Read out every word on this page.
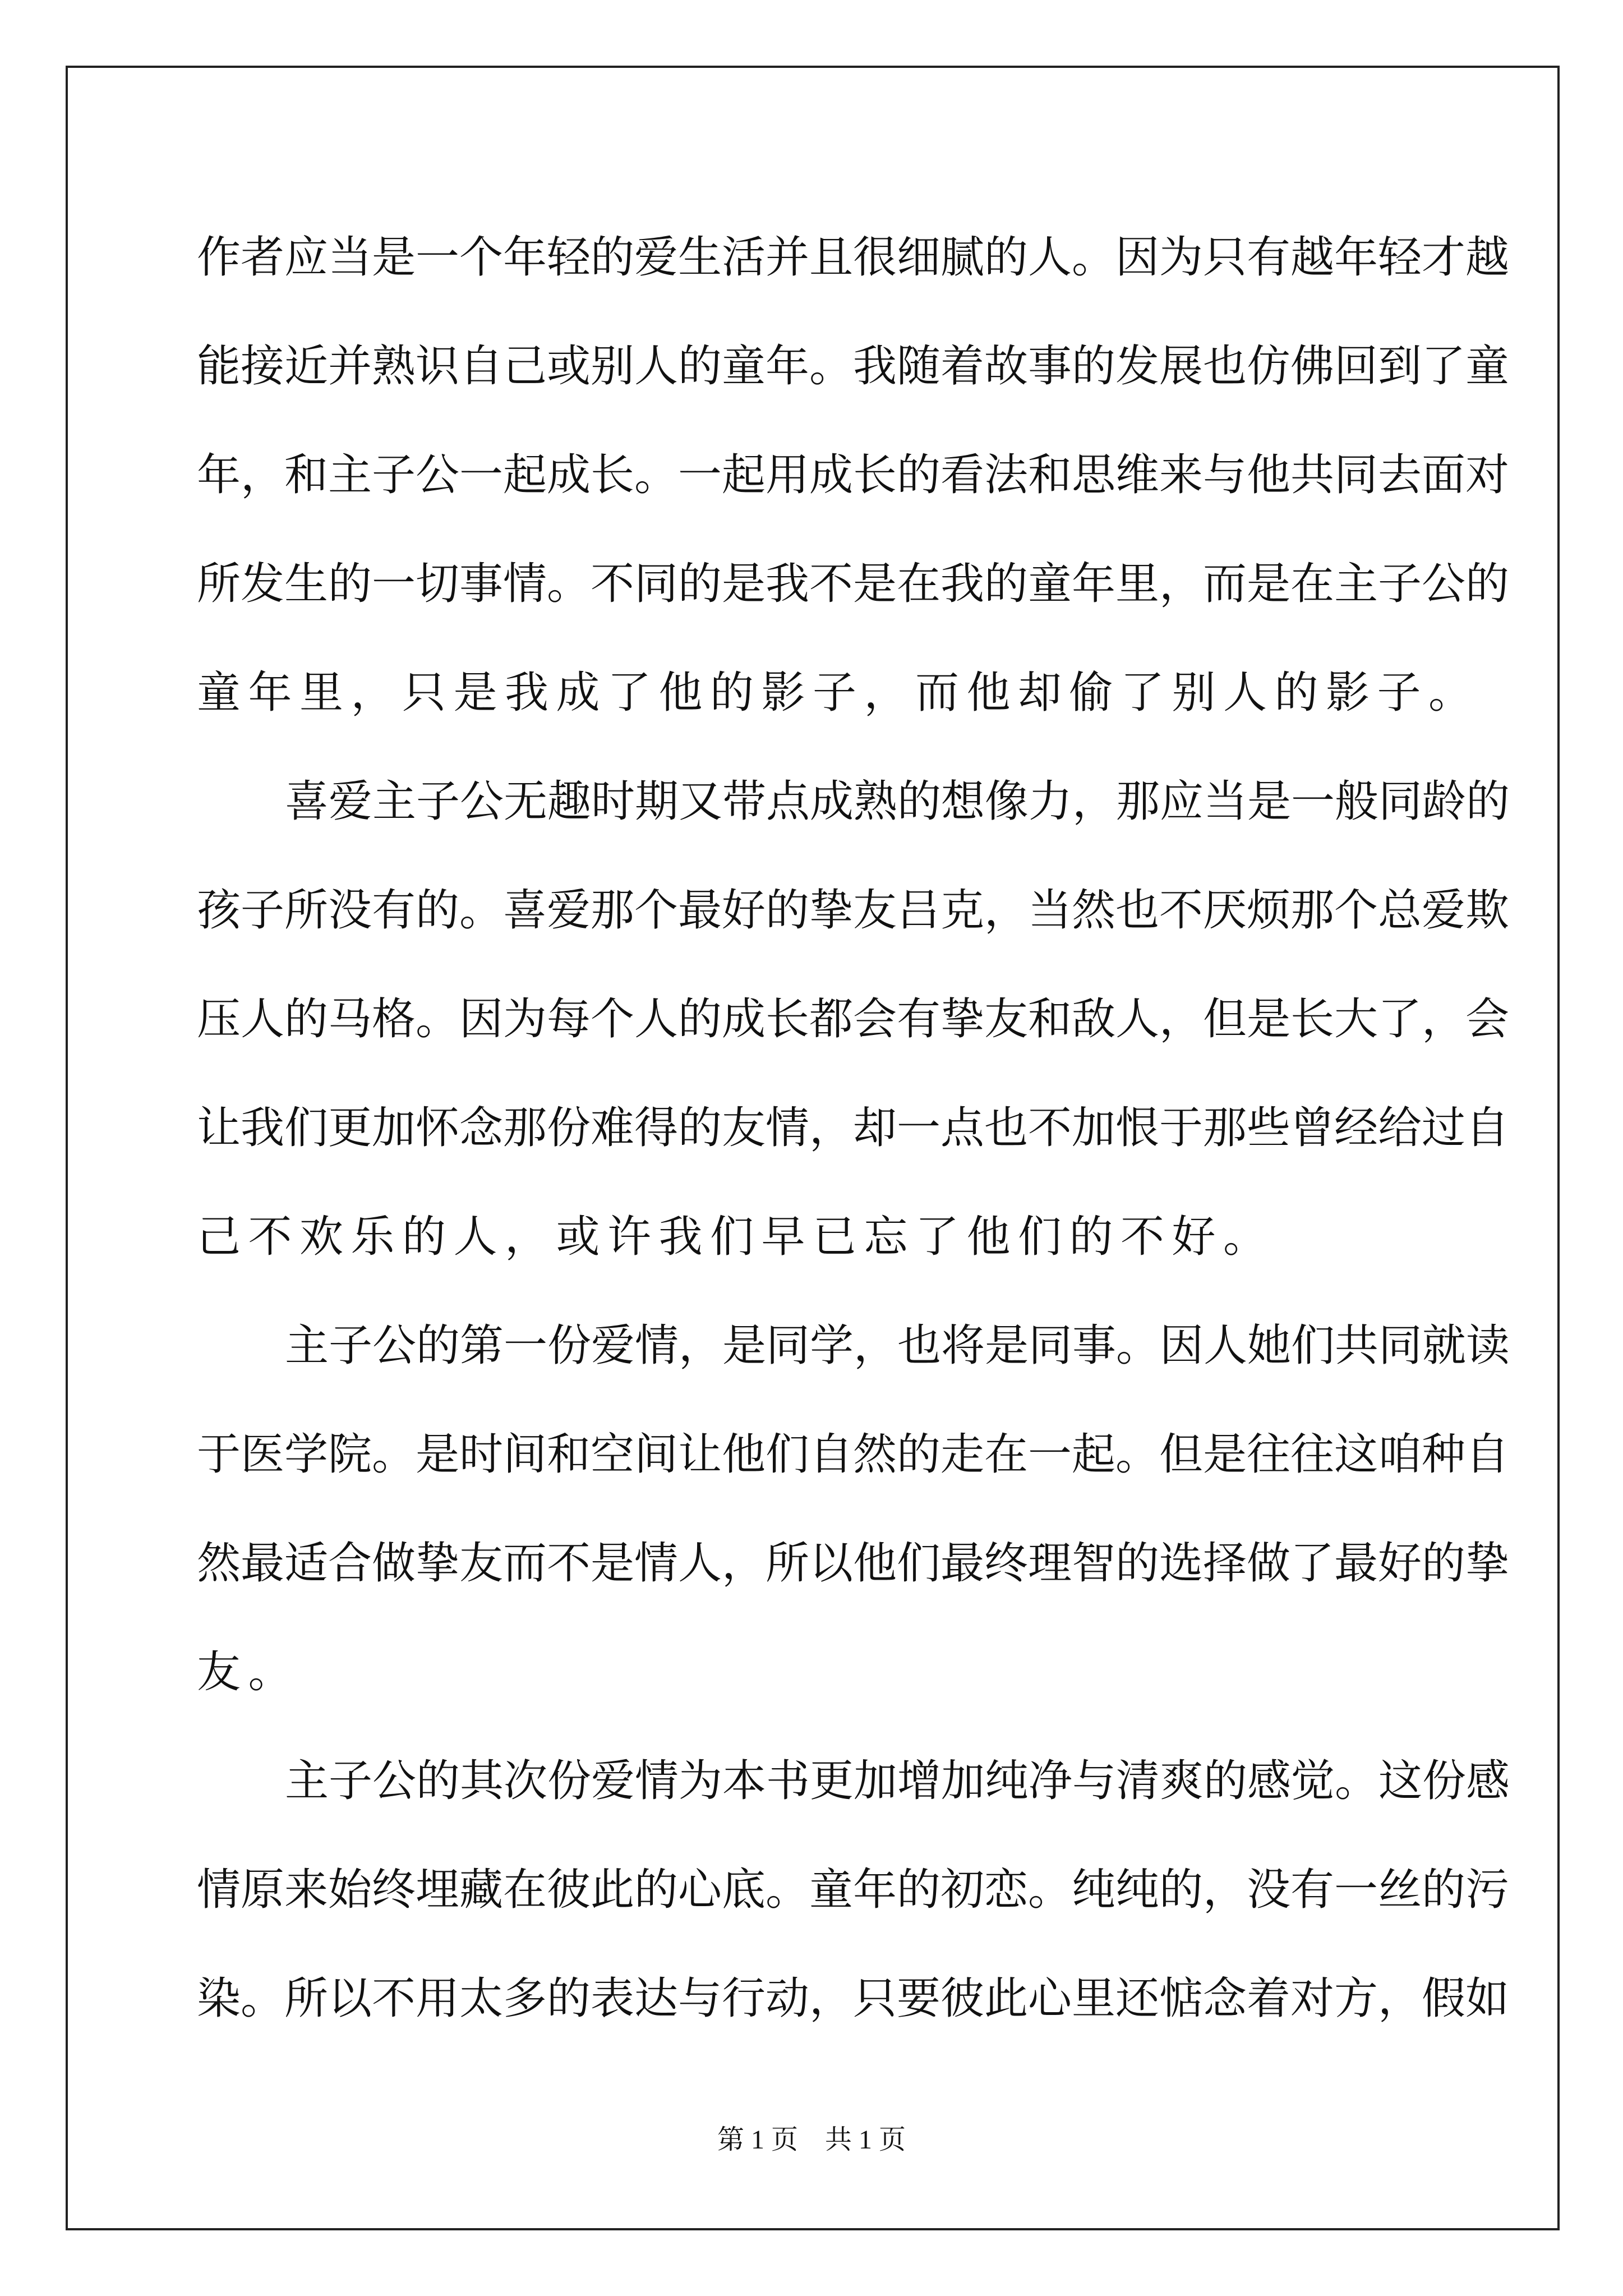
作者应当是一个年轻的爱生活并且很细腻的人。因为只有越年轻才越
能接近并熟识自己或别人的童年。我随着故事的发展也仿佛回到了童
年，和主子公一起成长。一起用成长的看法和思维来与他共同去面对
所发生的一切事情。不同的是我不是在我的童年里，而是在主子公的
童年里，只是我成了他的影子，而他却偷了别人的影子。
喜爱主子公无趣时期又带点成熟的想像力，那应当是一般同龄的
孩子所没有的。喜爱那个最好的挚友吕克，当然也不厌烦那个总爱欺
压人的马格。因为每个人的成长都会有挚友和敌人，但是长大了，会
让我们更加怀念那份难得的友情，却一点也不加恨于那些曾经给过自
己不欢乐的人，或许我们早已忘了他们的不好。
主子公的第一份爱情，是同学，也将是同事。因人她们共同就读
于医学院。是时间和空间让他们自然的走在一起。但是往往这咱种自
然最适合做挚友而不是情人，所以他们最终理智的选择做了最好的挚
友。
主子公的其次份爱情为本书更加增加纯净与清爽的感觉。这份感
情原来始终埋藏在彼此的心底。童年的初恋。纯纯的，没有一丝的污
染。所以不用太多的表达与行动，只要彼此心里还惦念着对方，假如
第 1 页 共 1 页
